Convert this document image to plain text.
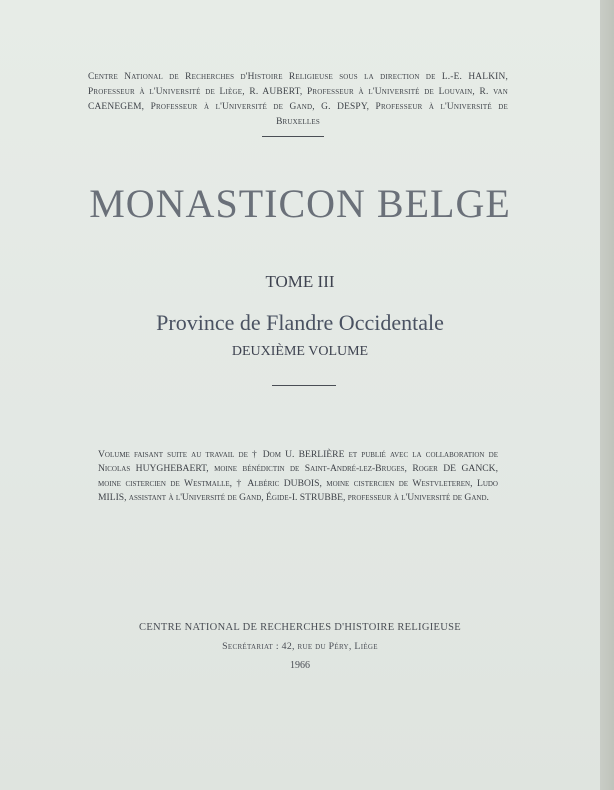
Centre National de Recherches d'Histoire Religieuse sous la direction de L.-E. HALKIN, Professeur à l'Université de Liège, R. AUBERT, Professeur à l'Université de Louvain, R. van CAENEGEM, Professeur à l'Université de Gand, G. DESPY, Professeur à l'Université de Bruxelles
MONASTICON BELGE
TOME III
Province de Flandre Occidentale
DEUXIÈME VOLUME
Volume faisant suite au travail de † Dom U. BERLIÈRE et publié avec la collaboration de Nicolas HUYGHEBAERT, moine bénédictin de Saint-André-lez-Bruges, Roger DE GANCK, moine cistercien de Westmalle, † Albéric DUBOIS, moine cistercien de Westvleteren, Ludo MILIS, assistant à l'Université de Gand, Égide-I. STRUBBE, professeur à l'Université de Gand.
CENTRE NATIONAL DE RECHERCHES D'HISTOIRE RELIGIEUSE
Secrétariat : 42, rue du Péry, Liège
1966
